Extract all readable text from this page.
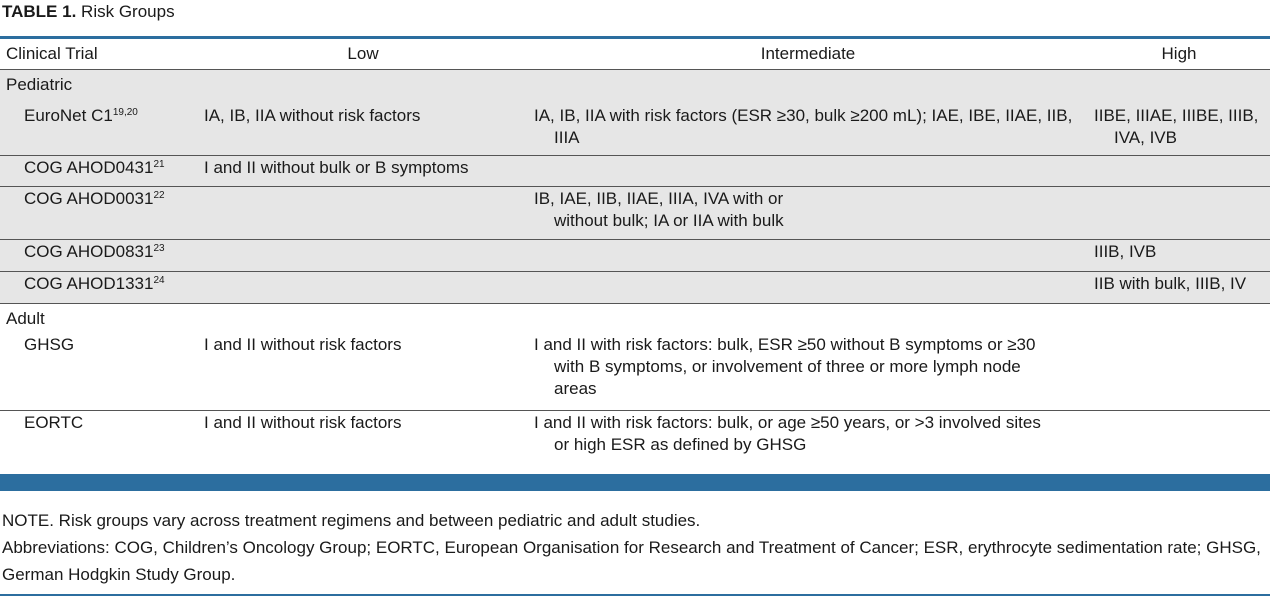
TABLE 1. Risk Groups
Clinical Trial	Low	Intermediate	High
Pediatric			
EuroNet C1$^{19,20}$	IA, IB, IIA without risk factors	IA, IB, IIA with risk factors (ESR ≥30, bulk ≥200 mL); IAE, IBE, IIAE, IIB, IIIA	IIBE, IIIAE, IIIBE, IIIB, IVA, IVB

COG AHOD0431$^{21}$	I and II without bulk or B symptoms		

COG AHOD0031$^{22}$		IB, IAE, IIB, IIAE, IIIA, IVA with or without bulk; IA or IIA with bulk	

COG AHOD0831$^{23}$			IIIB, IVB

COG AHOD1331$^{24}$			IIB with bulk, IIIB, IV

Adult			
GHSG	I and II without risk factors	I and II with risk factors: bulk, ESR ≥50 without B symptoms or ≥30 with B symptoms, or involvement of three or more lymph node areas	

EORTC	I and II without risk factors	I and II with risk factors: bulk, or age ≥50 years, or >3 involved sites or high ESR as defined by GHSG	

NOTE. Risk groups vary across treatment regimens and between pediatric and adult studies.
Abbreviations: COG, Children’s Oncology Group; EORTC, European Organisation for Research and Treatment of Cancer; ESR, erythrocyte sedimentation rate; GHSG, German Hodgkin Study Group.
